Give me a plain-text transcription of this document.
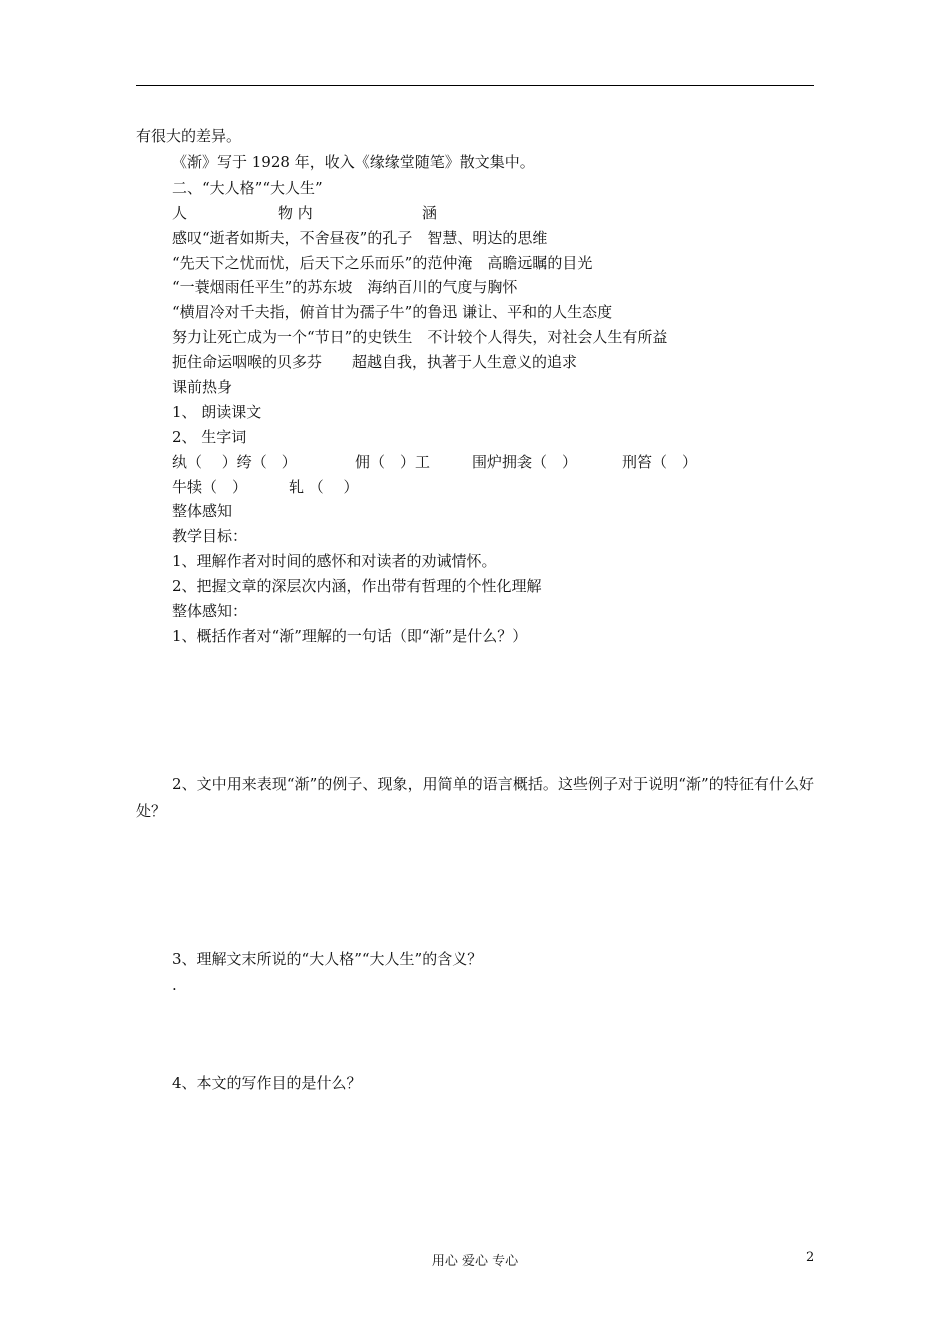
有很大的差异。
《渐》写于 1928 年，收入《缘缘堂随笔》散文集中。
二、“大人格”“大人生”
人	物 内	涵
感叹“逝者如斯夫，不舍昼夜”的孔子　智慧、明达的思维
“先天下之忧而忧，后天下之乐而乐”的范仲淹　高瞻远瞩的目光
“一蓑烟雨任平生”的苏东坡　海纳百川的气度与胸怀
“横眉冷对千夫指，俯首甘为孺子牛”的鲁迅 谦让、平和的人生态度
努力让死亡成为一个“节日”的史铁生　不计较个人得失，对社会人生有所益
扼住命运咽喉的贝多芬　　超越自我，执著于人生意义的追求
课前热身
1、 朗读课文
2、 生字词
纨（　 ）绔（　）	佣（　）工	围炉拥衾（　）	刑笞（　）
牛犊（　）	轧 （　 ）
整体感知
教学目标：
1、理解作者对时间的感怀和对读者的劝诫情怀。
2、把握文章的深层次内涵，作出带有哲理的个性化理解
整体感知：
1、概括作者对“渐”理解的一句话（即“渐”是什么？）
2、文中用来表现“渐”的例子、现象，用简单的语言概括。这些例子对于说明“渐”的特征有什么好处？
3、理解文末所说的“大人格”“大人生”的含义？
.
4、本文的写作目的是什么？
用心 爱心 专心	2
